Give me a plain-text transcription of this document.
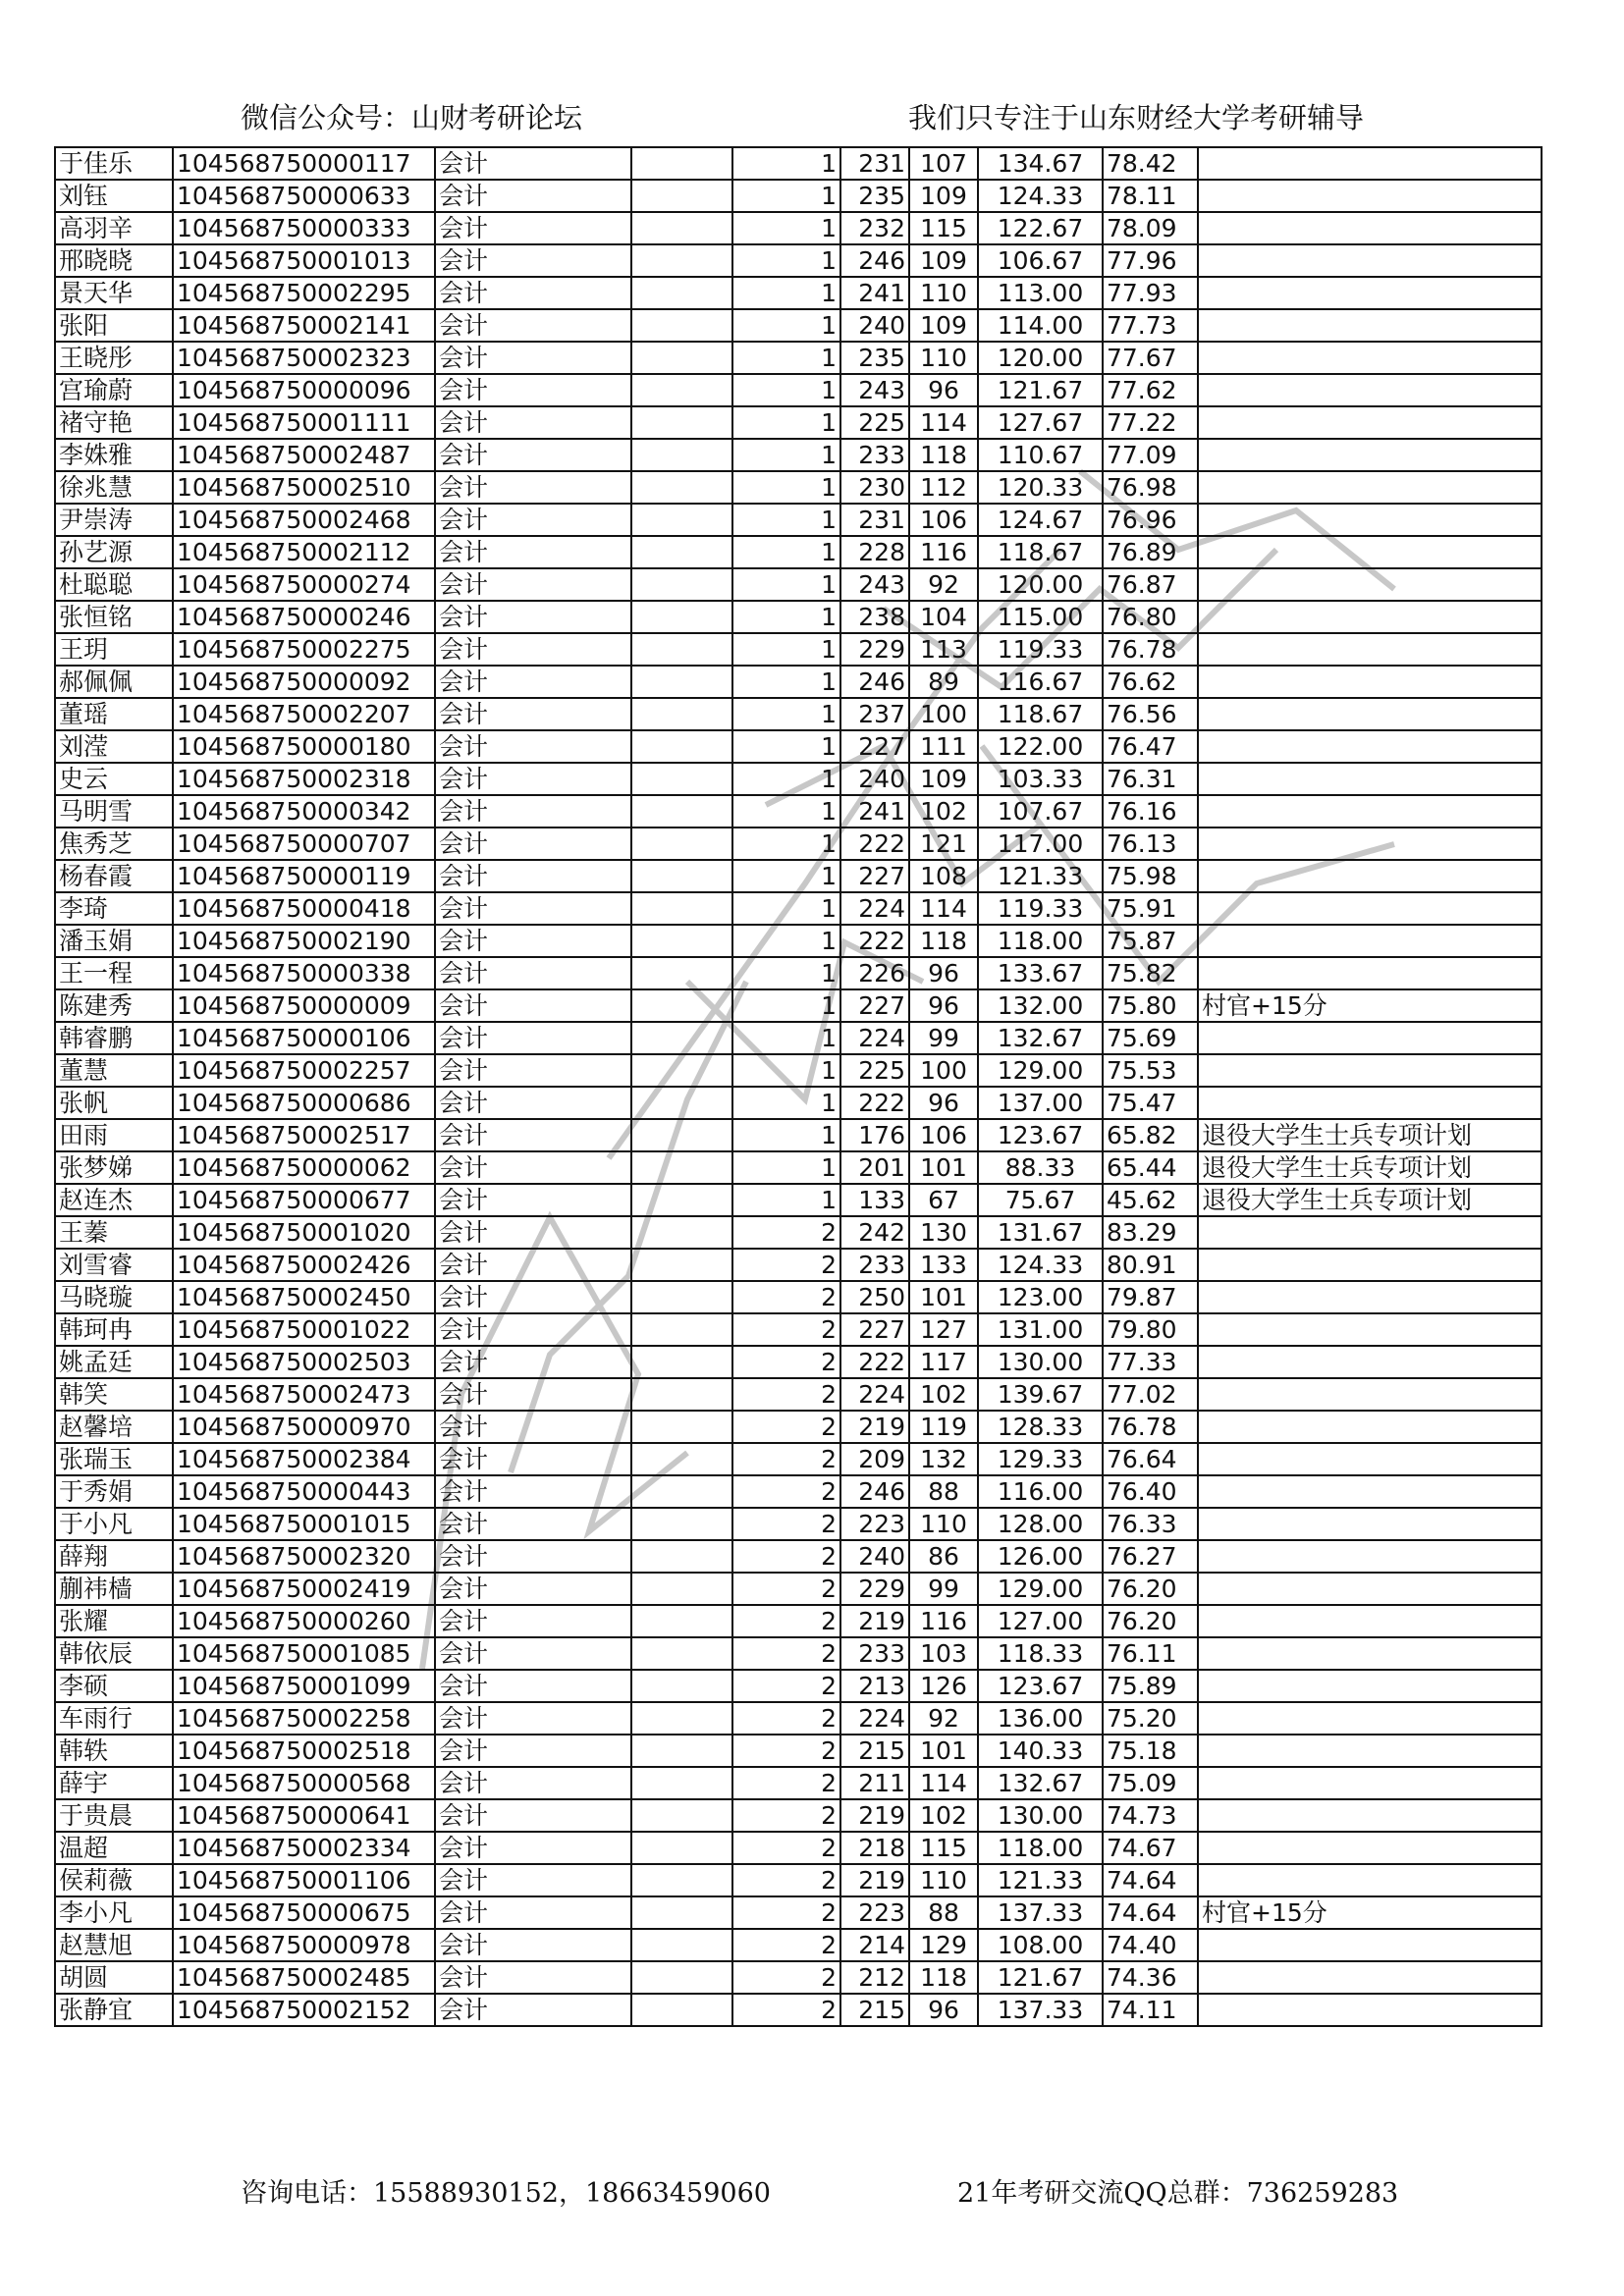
微信公众号：山财考研论坛	我们只专注于山东财经大学考研辅导
于佳乐	104568750000117	会计		1	231	107	134.67	78.42	
刘钰	104568750000633	会计		1	235	109	124.33	78.11	
高羽辛	104568750000333	会计		1	232	115	122.67	78.09	
邢晓晓	104568750001013	会计		1	246	109	106.67	77.96	
景天华	104568750002295	会计		1	241	110	113.00	77.93	
张阳	104568750002141	会计		1	240	109	114.00	77.73	
王晓彤	104568750002323	会计		1	235	110	120.00	77.67	
宫瑜蔚	104568750000096	会计		1	243	96	121.67	77.62	
褚守艳	104568750001111	会计		1	225	114	127.67	77.22	
李姝雅	104568750002487	会计		1	233	118	110.67	77.09	
徐兆慧	104568750002510	会计		1	230	112	120.33	76.98	
尹崇涛	104568750002468	会计		1	231	106	124.67	76.96	
孙艺源	104568750002112	会计		1	228	116	118.67	76.89	
杜聪聪	104568750000274	会计		1	243	92	120.00	76.87	
张恒铭	104568750000246	会计		1	238	104	115.00	76.80	
王玥	104568750002275	会计		1	229	113	119.33	76.78	
郝佩佩	104568750000092	会计		1	246	89	116.67	76.62	
董瑶	104568750002207	会计		1	237	100	118.67	76.56	
刘滢	104568750000180	会计		1	227	111	122.00	76.47	
史云	104568750002318	会计		1	240	109	103.33	76.31	
马明雪	104568750000342	会计		1	241	102	107.67	76.16	
焦秀芝	104568750000707	会计		1	222	121	117.00	76.13	
杨春霞	104568750000119	会计		1	227	108	121.33	75.98	
李琦	104568750000418	会计		1	224	114	119.33	75.91	
潘玉娟	104568750002190	会计		1	222	118	118.00	75.87	
王一程	104568750000338	会计		1	226	96	133.67	75.82	
陈建秀	104568750000009	会计		1	227	96	132.00	75.80	村官+15分
韩睿鹏	104568750000106	会计		1	224	99	132.67	75.69	
董慧	104568750002257	会计		1	225	100	129.00	75.53	
张帆	104568750000686	会计		1	222	96	137.00	75.47	
田雨	104568750002517	会计		1	176	106	123.67	65.82	退役大学生士兵专项计划
张梦娣	104568750000062	会计		1	201	101	88.33	65.44	退役大学生士兵专项计划
赵连杰	104568750000677	会计		1	133	67	75.67	45.62	退役大学生士兵专项计划
王蓁	104568750001020	会计		2	242	130	131.67	83.29	
刘雪睿	104568750002426	会计		2	233	133	124.33	80.91	
马晓璇	104568750002450	会计		2	250	101	123.00	79.87	
韩珂冉	104568750001022	会计		2	227	127	131.00	79.80	
姚孟廷	104568750002503	会计		2	222	117	130.00	77.33	
韩笑	104568750002473	会计		2	224	102	139.67	77.02	
赵馨培	104568750000970	会计		2	219	119	128.33	76.78	
张瑞玉	104568750002384	会计		2	209	132	129.33	76.64	
于秀娟	104568750000443	会计		2	246	88	116.00	76.40	
于小凡	104568750001015	会计		2	223	110	128.00	76.33	
薛翔	104568750002320	会计		2	240	86	126.00	76.27	
蒯祎樯	104568750002419	会计		2	229	99	129.00	76.20	
张耀	104568750000260	会计		2	219	116	127.00	76.20	
韩依辰	104568750001085	会计		2	233	103	118.33	76.11	
李硕	104568750001099	会计		2	213	126	123.67	75.89	
车雨行	104568750002258	会计		2	224	92	136.00	75.20	
韩轶	104568750002518	会计		2	215	101	140.33	75.18	
薛宇	104568750000568	会计		2	211	114	132.67	75.09	
于贵晨	104568750000641	会计		2	219	102	130.00	74.73	
温超	104568750002334	会计		2	218	115	118.00	74.67	
侯莉薇	104568750001106	会计		2	219	110	121.33	74.64	
李小凡	104568750000675	会计		2	223	88	137.33	74.64	村官+15分
赵慧旭	104568750000978	会计		2	214	129	108.00	74.40	
胡圆	104568750002485	会计		2	212	118	121.67	74.36	
张静宜	104568750002152	会计		2	215	96	137.33	74.11	
咨询电话：15588930152，18663459060	21年考研交流QQ总群：736259283
